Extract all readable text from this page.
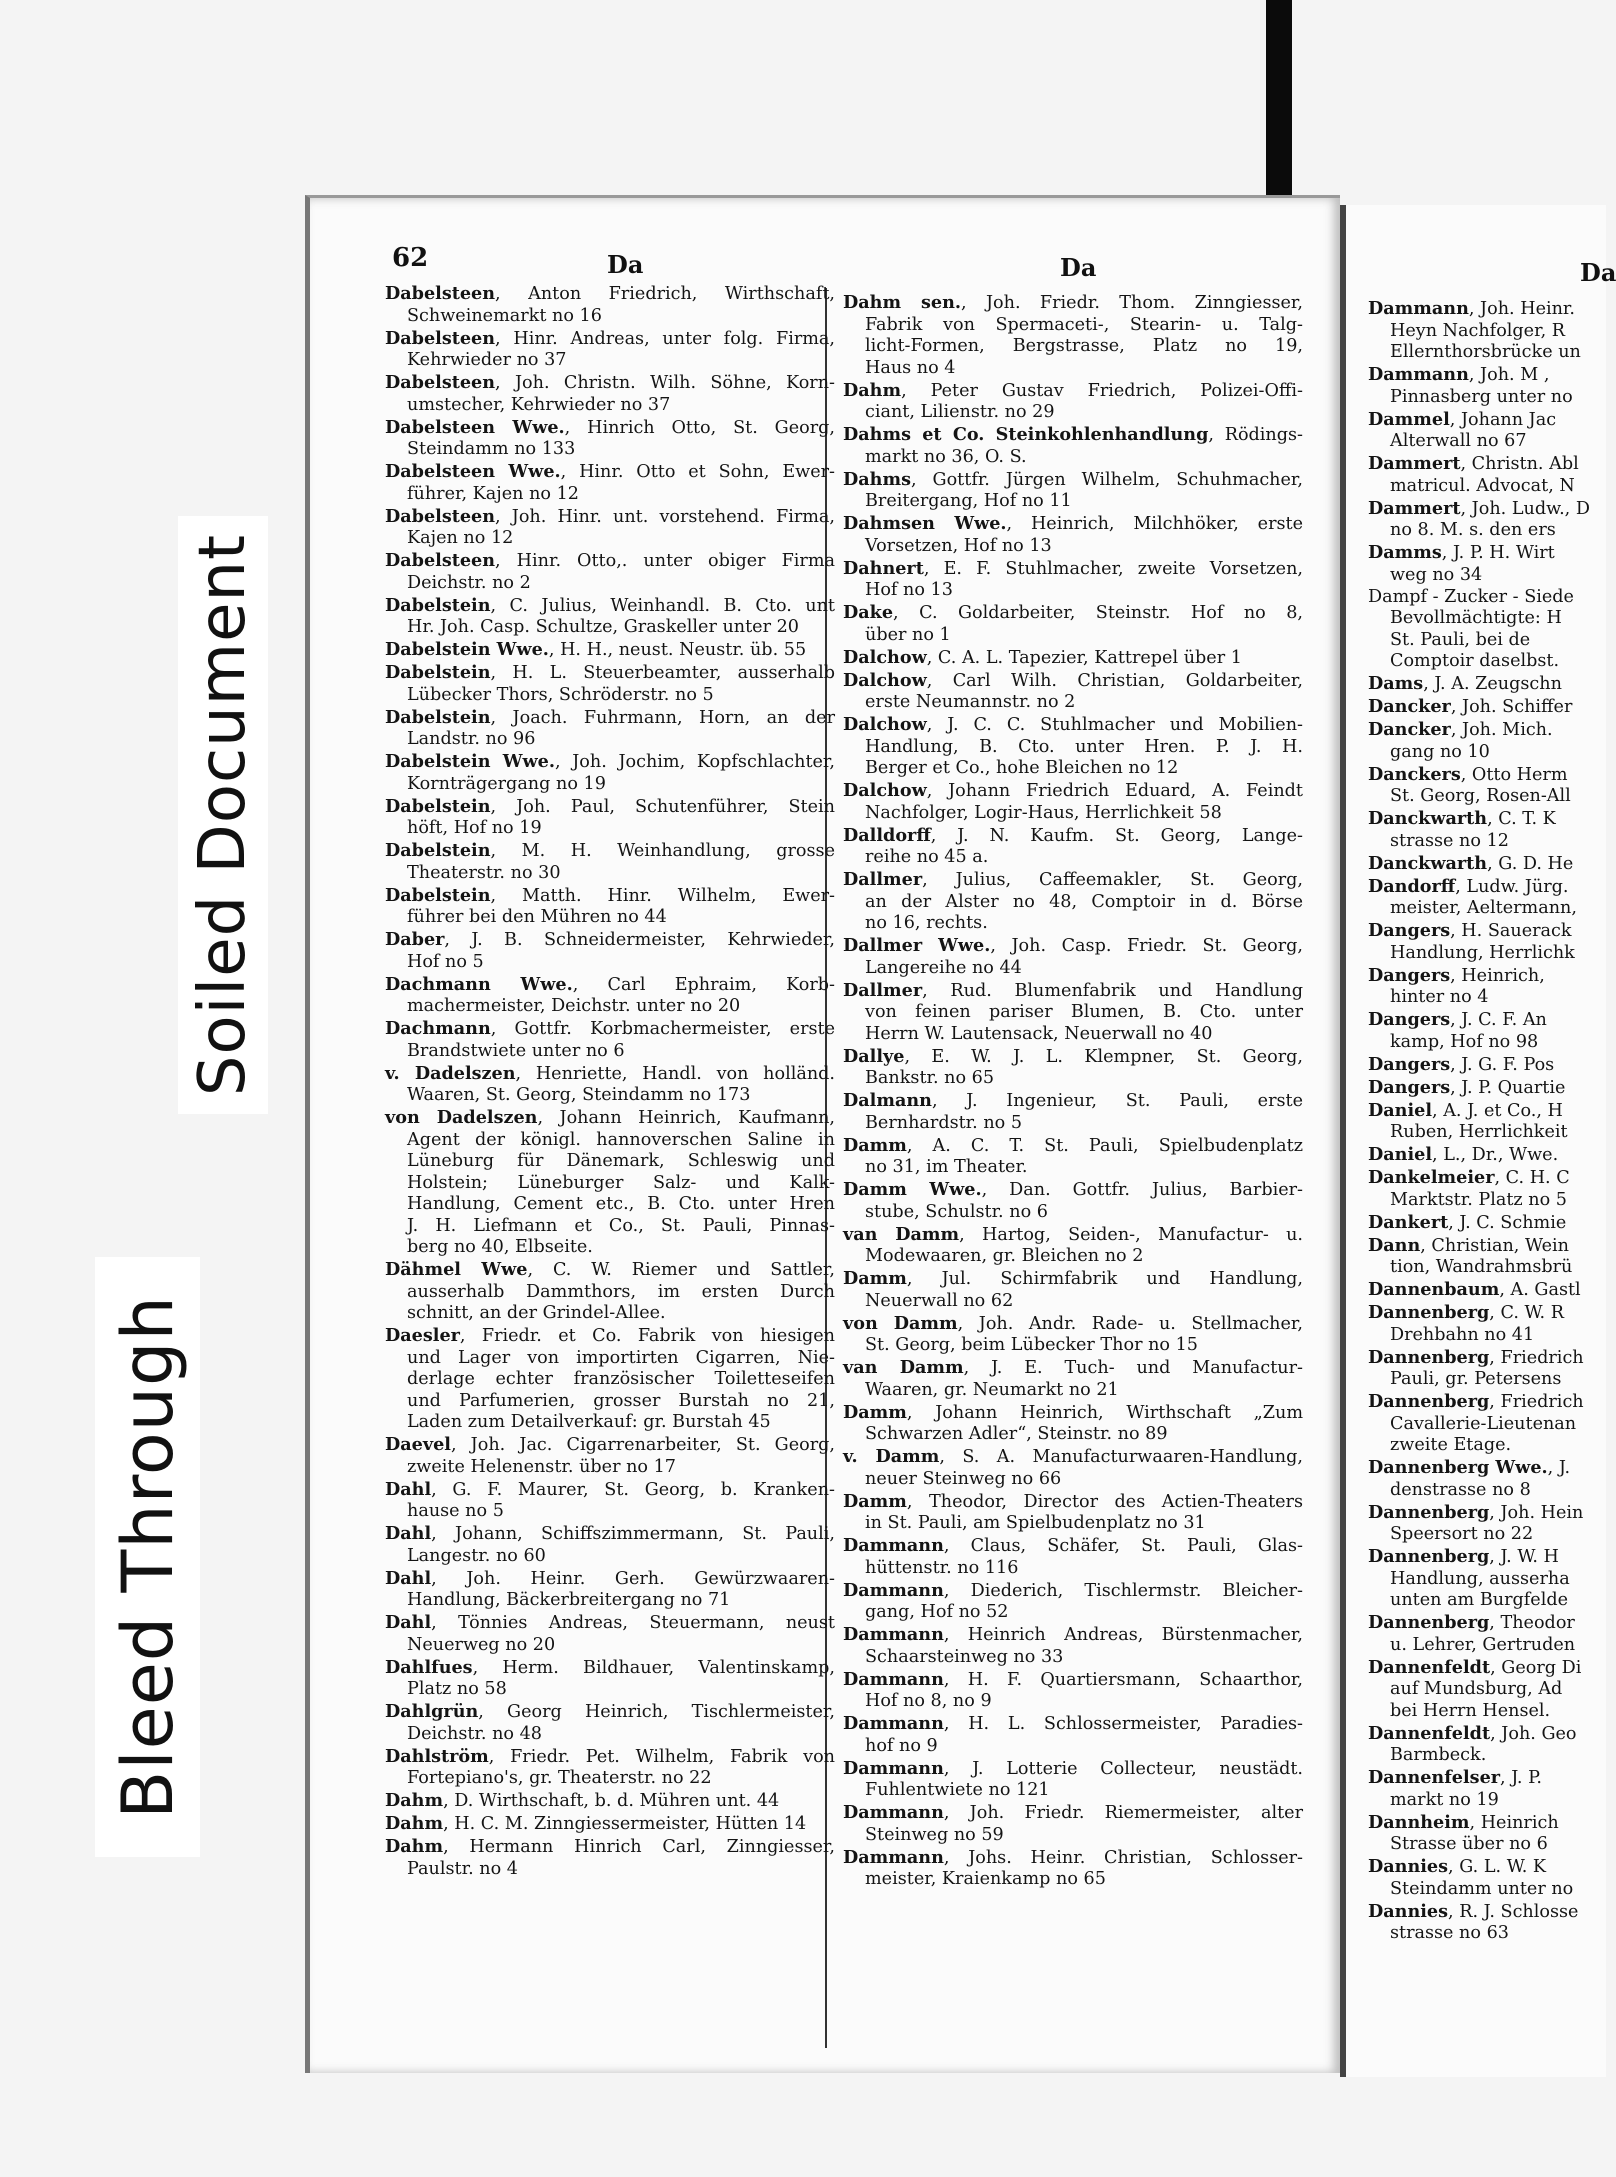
Soiled Document
Bleed Through
62	Da	Da	Da
Dabelsteen, Anton Friedrich, Wirthschaft,
Schweinemarkt no 16
Dabelsteen, Hinr. Andreas, unter folg. Firma,
Kehrwieder no 37
Dabelsteen, Joh. Christn. Wilh. Söhne, Korn-
umstecher, Kehrwieder no 37
Dabelsteen Wwe., Hinrich Otto, St. Georg,
Steindamm no 133
Dabelsteen Wwe., Hinr. Otto et Sohn, Ewer-
führer, Kajen no 12
Dabelsteen, Joh. Hinr. unt. vorstehend. Firma,
Kajen no 12
Dabelsteen, Hinr. Otto,. unter obiger Firma
Deichstr. no 2
Dabelstein, C. Julius, Weinhandl. B. Cto. unt
Hr. Joh. Casp. Schultze, Graskeller unter 20
Dabelstein Wwe., H. H., neust. Neustr. üb. 55
Dabelstein, H. L. Steuerbeamter, ausserhalb
Lübecker Thors, Schröderstr. no 5
Dabelstein, Joach. Fuhrmann, Horn, an der
Landstr. no 96
Dabelstein Wwe., Joh. Jochim, Kopfschlachter,
Kornträgergang no 19
Dabelstein, Joh. Paul, Schutenführer, Stein
höft, Hof no 19
Dabelstein, M. H. Weinhandlung, grosse
Theaterstr. no 30
Dabelstein, Matth. Hinr. Wilhelm, Ewer-
führer bei den Mühren no 44
Daber, J. B. Schneidermeister, Kehrwieder,
Hof no 5
Dachmann Wwe., Carl Ephraim, Korb-
machermeister, Deichstr. unter no 20
Dachmann, Gottfr. Korbmachermeister, erste
Brandstwiete unter no 6
v. Dadelszen, Henriette, Handl. von holländ.
Waaren, St. Georg, Steindamm no 173
von Dadelszen, Johann Heinrich, Kaufmann,
Agent der königl. hannoverschen Saline in
Lüneburg für Dänemark, Schleswig und
Holstein; Lüneburger Salz- und Kalk-
Handlung, Cement etc., B. Cto. unter Hren
J. H. Liefmann et Co., St. Pauli, Pinnas-
berg no 40, Elbseite.
Dähmel Wwe, C. W. Riemer und Sattler,
ausserhalb Dammthors, im ersten Durch
schnitt, an der Grindel-Allee.
Daesler, Friedr. et Co. Fabrik von hiesigen
und Lager von importirten Cigarren, Nie-
derlage echter französischer Toiletteseifen
und Parfumerien, grosser Burstah no 21,
Laden zum Detailverkauf: gr. Burstah 45
Daevel, Joh. Jac. Cigarrenarbeiter, St. Georg,
zweite Helenenstr. über no 17
Dahl, G. F. Maurer, St. Georg, b. Kranken-
hause no 5
Dahl, Johann, Schiffszimmermann, St. Pauli,
Langestr. no 60
Dahl, Joh. Heinr. Gerh. Gewürzwaaren-
Handlung, Bäckerbreitergang no 71
Dahl, Tönnies Andreas, Steuermann, neust
Neuerweg no 20
Dahlfues, Herm. Bildhauer, Valentinskamp,
Platz no 58
Dahlgrün, Georg Heinrich, Tischlermeister,
Deichstr. no 48
Dahlström, Friedr. Pet. Wilhelm, Fabrik von
Fortepiano's, gr. Theaterstr. no 22
Dahm, D. Wirthschaft, b. d. Mühren unt. 44
Dahm, H. C. M. Zinngiessermeister, Hütten 14
Dahm, Hermann Hinrich Carl, Zinngiesser,
Paulstr. no 4
Dahm sen., Joh. Friedr. Thom. Zinngiesser,
Fabrik von Spermaceti-, Stearin- u. Talg-
licht-Formen, Bergstrasse, Platz no 19,
Haus no 4
Dahm, Peter Gustav Friedrich, Polizei-Offi-
ciant, Lilienstr. no 29
Dahms et Co. Steinkohlenhandlung, Rödings-
markt no 36, O. S.
Dahms, Gottfr. Jürgen Wilhelm, Schuhmacher,
Breitergang, Hof no 11
Dahmsen Wwe., Heinrich, Milchhöker, erste
Vorsetzen, Hof no 13
Dahnert, E. F. Stuhlmacher, zweite Vorsetzen,
Hof no 13
Dake, C. Goldarbeiter, Steinstr. Hof no 8,
über no 1
Dalchow, C. A. L. Tapezier, Kattrepel über 1
Dalchow, Carl Wilh. Christian, Goldarbeiter,
erste Neumannstr. no 2
Dalchow, J. C. C. Stuhlmacher und Mobilien-
Handlung, B. Cto. unter Hren. P. J. H.
Berger et Co., hohe Bleichen no 12
Dalchow, Johann Friedrich Eduard, A. Feindt
Nachfolger, Logir-Haus, Herrlichkeit 58
Dalldorff, J. N. Kaufm. St. Georg, Lange-
reihe no 45 a.
Dallmer, Julius, Caffeemakler, St. Georg,
an der Alster no 48, Comptoir in d. Börse
no 16, rechts.
Dallmer Wwe., Joh. Casp. Friedr. St. Georg,
Langereihe no 44
Dallmer, Rud. Blumenfabrik und Handlung
von feinen pariser Blumen, B. Cto. unter
Herrn W. Lautensack, Neuerwall no 40
Dallye, E. W. J. L. Klempner, St. Georg,
Bankstr. no 65
Dalmann, J. Ingenieur, St. Pauli, erste
Bernhardstr. no 5
Damm, A. C. T. St. Pauli, Spielbudenplatz
no 31, im Theater.
Damm Wwe., Dan. Gottfr. Julius, Barbier-
stube, Schulstr. no 6
van Damm, Hartog, Seiden-, Manufactur- u.
Modewaaren, gr. Bleichen no 2
Damm, Jul. Schirmfabrik und Handlung,
Neuerwall no 62
von Damm, Joh. Andr. Rade- u. Stellmacher,
St. Georg, beim Lübecker Thor no 15
van Damm, J. E. Tuch- und Manufactur-
Waaren, gr. Neumarkt no 21
Damm, Johann Heinrich, Wirthschaft „Zum
Schwarzen Adler“, Steinstr. no 89
v. Damm, S. A. Manufacturwaaren-Handlung,
neuer Steinweg no 66
Damm, Theodor, Director des Actien-Theaters
in St. Pauli, am Spielbudenplatz no 31
Dammann, Claus, Schäfer, St. Pauli, Glas-
hüttenstr. no 116
Dammann, Diederich, Tischlermstr. Bleicher-
gang, Hof no 52
Dammann, Heinrich Andreas, Bürstenmacher,
Schaarsteinweg no 33
Dammann, H. F. Quartiersmann, Schaarthor,
Hof no 8, no 9
Dammann, H. L. Schlossermeister, Paradies-
hof no 9
Dammann, J. Lotterie Collecteur, neustädt.
Fuhlentwiete no 121
Dammann, Joh. Friedr. Riemermeister, alter
Steinweg no 59
Dammann, Johs. Heinr. Christian, Schlosser-
meister, Kraienkamp no 65
Dammann, Joh. Heinr.
Heyn Nachfolger, R
Ellernthorsbrücke un
Dammann, Joh. M ,
Pinnasberg unter no
Dammel, Johann Jac
Alterwall no 67
Dammert, Christn. Abl
matricul. Advocat, N
Dammert, Joh. Ludw., D
no 8. M. s. den ers
Damms, J. P. H. Wirt
weg no 34
Dampf - Zucker - Siede
Bevollmächtigte: H
St. Pauli, bei de
Comptoir daselbst.
Dams, J. A. Zeugschn
Dancker, Joh. Schiffer
Dancker, Joh. Mich.
gang no 10
Danckers, Otto Herm
St. Georg, Rosen-All
Danckwarth, C. T. K
strasse no 12
Danckwarth, G. D. He
Dandorff, Ludw. Jürg.
meister, Aeltermann,
Dangers, H. Sauerack
Handlung, Herrlichk
Dangers, Heinrich,
hinter no 4
Dangers, J. C. F. An
kamp, Hof no 98
Dangers, J. G. F. Pos
Dangers, J. P. Quartie
Daniel, A. J. et Co., H
Ruben, Herrlichkeit
Daniel, L., Dr., Wwe.
Dankelmeier, C. H. C
Marktstr. Platz no 5
Dankert, J. C. Schmie
Dann, Christian, Wein
tion, Wandrahmsbrü
Dannenbaum, A. Gastl
Dannenberg, C. W. R
Drehbahn no 41
Dannenberg, Friedrich
Pauli, gr. Petersens
Dannenberg, Friedrich
Cavallerie-Lieutenan
zweite Etage.
Dannenberg Wwe., J.
denstrasse no 8
Dannenberg, Joh. Hein
Speersort no 22
Dannenberg, J. W. H
Handlung, ausserha
unten am Burgfelde
Dannenberg, Theodor
u. Lehrer, Gertruden
Dannenfeldt, Georg Di
auf Mundsburg, Ad
bei Herrn Hensel.
Dannenfeldt, Joh. Geo
Barmbeck.
Dannenfelser, J. P.
markt no 19
Dannheim, Heinrich
Strasse über no 6
Dannies, G. L. W. K
Steindamm unter no
Dannies, R. J. Schlosse
strasse no 63
